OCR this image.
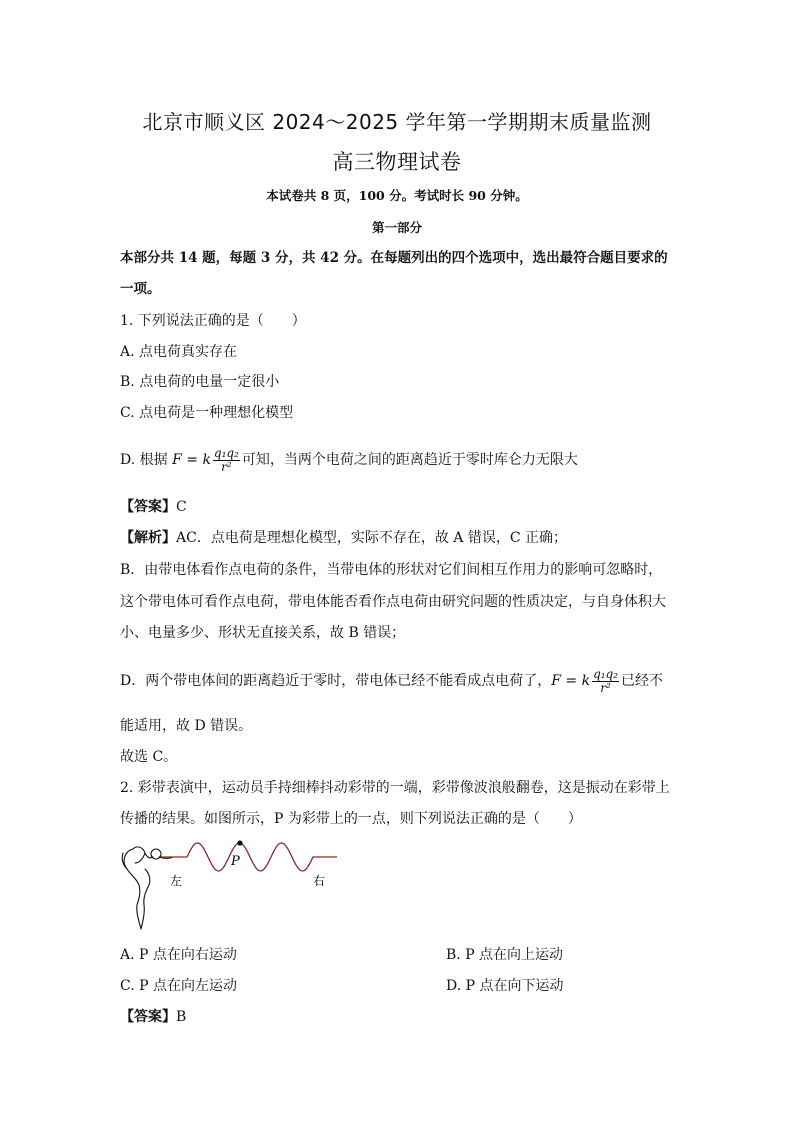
北京市顺义区 2024～2025 学年第一学期期末质量监测
高三物理试卷
本试卷共 8 页，100 分。考试时长 90 分钟。
第一部分
本部分共 14 题，每题 3 分，共 42 分。在每题列出的四个选项中，选出最符合题目要求的
一项。
1. 下列说法正确的是（　　）
A. 点电荷真实存在
B. 点电荷的电量一定很小
C. 点电荷是一种理想化模型
D. 根据 F = k $\frac{\text{q₁q₂}}{\text{r²}}$ 可知，当两个电荷之间的距离趋近于零时库仑力无限大
【答案】C
【解析】AC．点电荷是理想化模型，实际不存在，故 A 错误，C 正确；
B．由带电体看作点电荷的条件，当带电体的形状对它们间相互作用力的影响可忽略时，
这个带电体可看作点电荷，带电体能否看作点电荷由研究问题的性质决定，与自身体积大
小、电量多少、形状无直接关系，故 B 错误；
D．两个带电体间的距离趋近于零时，带电体已经不能看成点电荷了，F = k $\frac{\text{q₁q₂}}{\text{r²}}$ 已经不
能适用，故 D 错误。
故选 C。
2. 彩带表演中，运动员手持细棒抖动彩带的一端，彩带像波浪般翻卷，这是振动在彩带上
传播的结果。如图所示，P 为彩带上的一点，则下列说法正确的是（　　）
P
左	右
A. P 点在向右运动	B. P 点在向上运动
C. P 点在向左运动	D. P 点在向下运动
【答案】B
